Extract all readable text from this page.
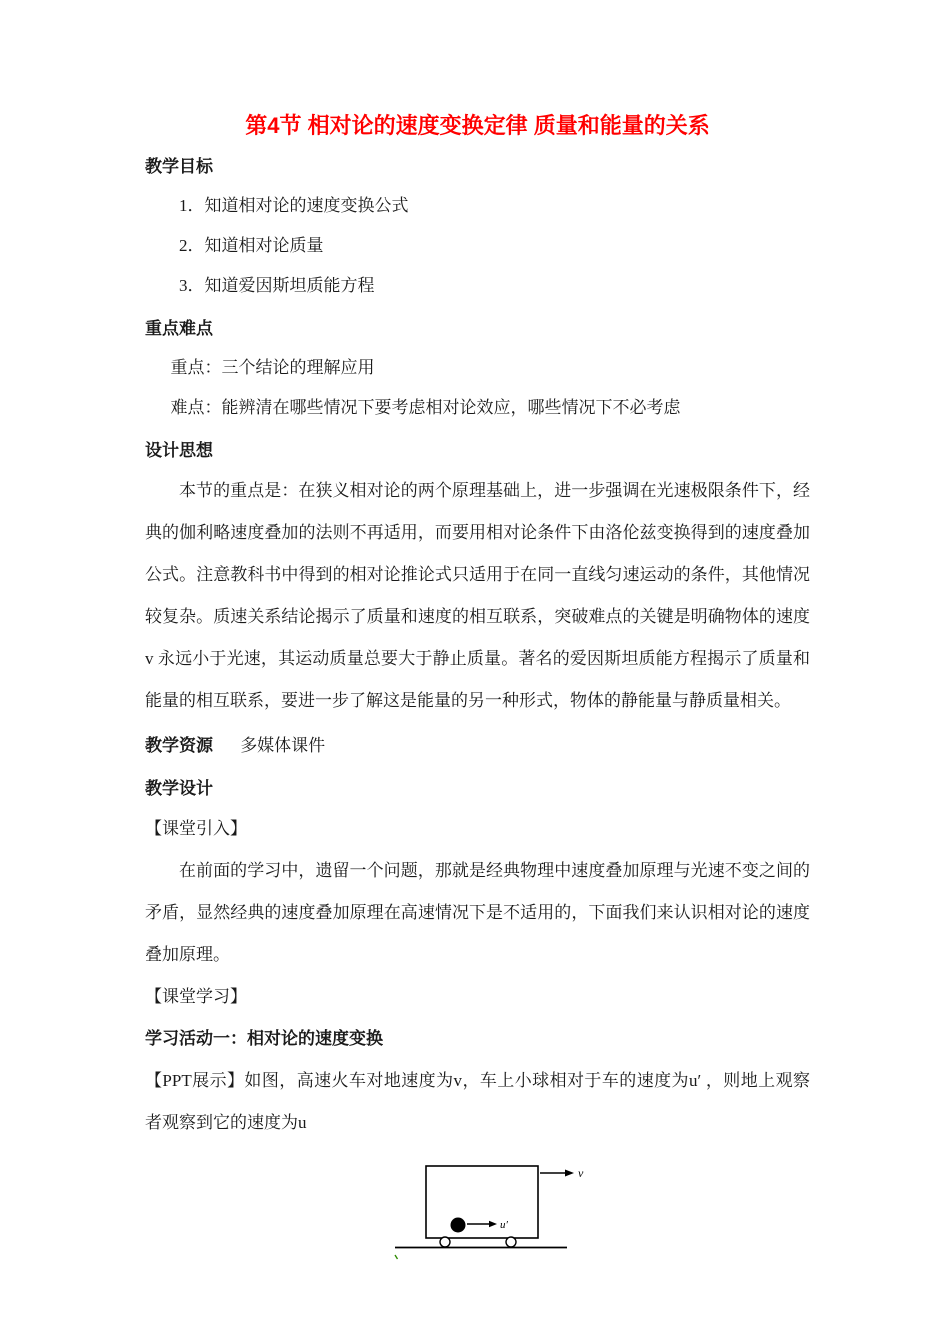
第4节 相对论的速度变换定律 质量和能量的关系
教学目标
1．知道相对论的速度变换公式
2．知道相对论质量
3．知道爱因斯坦质能方程
重点难点
重点：三个结论的理解应用
难点：能辨清在哪些情况下要考虑相对论效应，哪些情况下不必考虑
设计思想

本节的重点是：在狭义相对论的两个原理基础上，进一步强调在光速极限条件下，经典的伽利略速度叠加的法则不再适用，而要用相对论条件下由洛伦兹变换得到的速度叠加公式。注意教科书中得到的相对论推论式只适用于在同一直线匀速运动的条件，其他情况较复杂。质速关系结论揭示了质量和速度的相互联系，突破难点的关键是明确物体的速度v 永远小于光速，其运动质量总要大于静止质量。著名的爱因斯坦质能方程揭示了质量和能量的相互联系，要进一步了解这是能量的另一种形式，物体的静能量与静质量相关。

教学资源 多媒体课件
教学设计
【课堂引入】

在前面的学习中，遗留一个问题，那就是经典物理中速度叠加原理与光速不变之间的矛盾，显然经典的速度叠加原理在高速情况下是不适用的，下面我们来认识相对论的速度叠加原理。

【课堂学习】
学习活动一：相对论的速度变换

【PPT展示】如图，高速火车对地速度为v，车上小球相对于车的速度为u′ ，则地上观察者观察到它的速度为u

u′
v
